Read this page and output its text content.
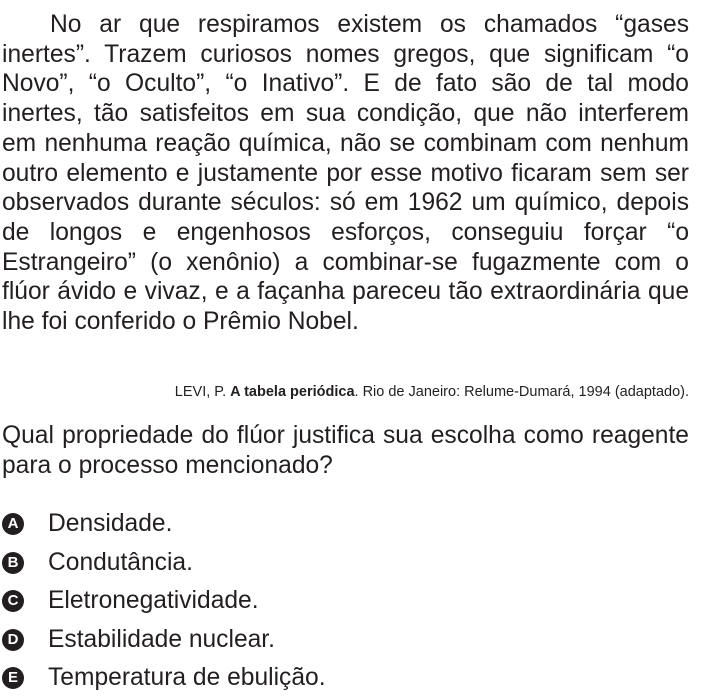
No ar que respiramos existem os chamados “gases inertes”. Trazem curiosos nomes gregos, que significam “o Novo”, “o Oculto”, “o Inativo”. E de fato são de tal modo inertes, tão satisfeitos em sua condição, que não interferem em nenhuma reação química, não se combinam com nenhum outro elemento e justamente por esse motivo ficaram sem ser observados durante séculos: só em 1962 um químico, depois de longos e engenhosos esforços, conseguiu forçar “o Estrangeiro” (o xenônio) a combinar-se fugazmente com o flúor ávido e vivaz, e a façanha pareceu tão extraordinária que lhe foi conferido o Prêmio Nobel.

LEVI, P. A tabela periódica. Rio de Janeiro: Relume-Dumará, 1994 (adaptado).

Qual propriedade do flúor justifica sua escolha como reagente para o processo mencionado?

A Densidade.
B Condutância.
C Eletronegatividade.
D Estabilidade nuclear.
E Temperatura de ebulição.
